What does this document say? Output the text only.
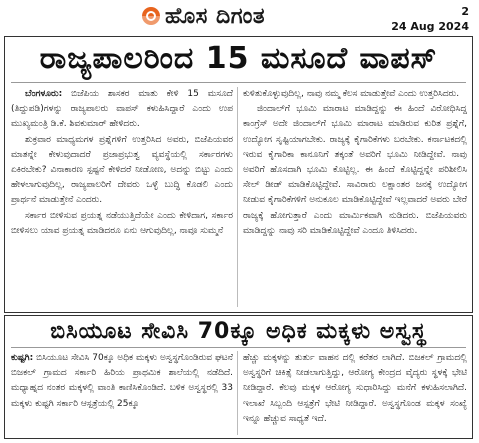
ಹೊಸ ದಿಗಂತ	2
24 Aug 2024
ರಾಜ್ಯಪಾಲರಿಂದ 15 ಮಸೂದೆ ವಾಪಸ್

ಬೆಂಗಳೂರು: ಬಿಜೆಪಿಯ ಶಾಸಕರ ಮಾತು ಕೇಳಿ 15 ಮಸೂದೆ (ತಿದ್ದುಪಡಿ)ಗಳನ್ನು ರಾಜ್ಯಪಾಲರು ವಾಪಸ್ ಕಳುಹಿಸಿದ್ದಾರೆ ಎಂದು ಉಪ ಮುಖ್ಯಮಂತ್ರಿ ಡಿ.ಕೆ. ಶಿವಕುಮಾರ್ ಹೇಳಿದರು.

ಶುಕ್ರವಾರ ಮಾಧ್ಯಮಗಳ ಪ್ರಶ್ನೆಗಳಿಗೆ ಉತ್ತರಿಸಿದ ಅವರು, ಬಿಜೆಪಿಯವರ ಮಾತನ್ನೇ ಕೇಳುವುದಾದರೆ ಪ್ರಜಾಪ್ರಭುತ್ವ ವ್ಯವಸ್ಥೆಯಲ್ಲಿ ಸರ್ಕಾರಗಳು ಏಕಿರಬೇಕು? ವಿನಾಕಾರಣ ಸ್ಪಷ್ಟನೆ ಕೇಳಿದರೆ ನೀಡೋಣ, ಅದನ್ನು ಬಿಟ್ಟು ಎಂದು ಹೇಳಲಾಗುವುದಿಲ್ಲ, ರಾಜ್ಯಪಾಲರಿಗೆ ದೇವರು ಒಳ್ಳೆ ಬುದ್ಧಿ ಕೊಡಲಿ ಎಂದು ಪ್ರಾರ್ಥನೆ ಮಾಡುತ್ತೇನೆ ಎಂದರು.

ಸರ್ಕಾರ ಬೀಳಿಸುವ ಪ್ರಯತ್ನ ನಡೆಯುತ್ತಿದೆಯೇ ಎಂದು ಕೇಳಿದಾಗ, ಸರ್ಕಾರ ಬೀಳಿಸಲು ಯಾವ ಪ್ರಯತ್ನ ಮಾಡಿದರೂ ಏನು ಆಗುವುದಿಲ್ಲ, ನಾವೂ ಸುಮ್ಮನೆ

ಕುಳಿತುಕೊಳ್ಳುವುದಿಲ್ಲ, ನಾವು ನಮ್ಮ ಕೆಲಸ ಮಾಡುತ್ತೇವೆ ಎಂದು ಉತ್ತರಿಸಿದರು.

ಜಿಂದಾಲ್‌ಗೆ ಭೂಮಿ ಮಾರಾಟ ಮಾಡಿದ್ದನ್ನು ಈ ಹಿಂದೆ ವಿರೋಧಿಸಿದ್ದ ಕಾಂಗ್ರೆಸ್ ಅದೇ ಜಿಂದಾಲ್‌ಗೆ ಭೂಮಿ ಮಾರಾಟ ಮಾಡಿರುವ ಕುರಿತ ಪ್ರಶ್ನೆಗೆ, ಉದ್ಯೋಗ ಸೃಷ್ಟಿಯಾಗಬೇಕು. ರಾಜ್ಯಕ್ಕೆ ಕೈಗಾರಿಕೆಗಳು ಬರಬೇಕು. ಕರ್ನಾಟಕದಲ್ಲಿ ಇರುವ ಕೈಗಾರಿಕಾ ಕಾನೂನಿಗೆ ತಕ್ಕಂತೆ ಅವರಿಗೆ ಭೂಮಿ ನೀಡಿದ್ದೇವೆ. ನಾವು ಅವರಿಗೆ ಹೊಸದಾಗಿ ಭೂಮಿ ಕೊಟ್ಟಿಲ್ಲ. ಈ ಹಿಂದೆ ಕೊಟ್ಟಿದ್ದನ್ನೇ ಪರಿಶೀಲಿಸಿ ಸೇಲ್ ಡೀಡ್ ಮಾಡಿಕೊಟ್ಟಿದ್ದೇವೆ. ಸಾವಿರಾರು ಲಕ್ಷಾಂತರ ಜನಕ್ಕೆ ಉದ್ಯೋಗ ನೀಡುವ ಕೈಗಾರಿಕೆಗಳಿಗೆ ಅನುಕೂಲ ಮಾಡಿಕೊಟ್ಟಿದ್ದೇವೆ ಇಲ್ಲವಾದರೆ ಅವರು ಬೇರೆ ರಾಜ್ಯಕ್ಕೆ ಹೋಗುತ್ತಾರೆ ಎಂದು ಮಾರ್ಮಿಕವಾಗಿ ನುಡಿದರು. ಬಿಜೆಪಿಯವರು ಮಾಡಿದ್ದನ್ನು ನಾವು ಸರಿ ಮಾಡಿಕೊಟ್ಟಿದ್ದೇವೆ ಎಂದೂ ತಿಳಿಸಿದರು.

ಬಿಸಿಯೂಟ ಸೇವಿಸಿ 70ಕ್ಕೂ ಅಧಿಕ ಮಕ್ಕಳು ಅಸ್ವಸ್ಥ

ಕುಷ್ಟಗಿ: ಬಿಸಿಯೂಟ ಸೇವಿಸಿ 70ಕ್ಕೂ ಅಧಿಕ ಮಕ್ಕಳು ಅಸ್ವಸ್ಥಗೊಂಡಿರುವ ಘಟನೆ ಬಿಜಕಲ್ ಗ್ರಾಮದ ಸರ್ಕಾರಿ ಹಿರಿಯ ಪ್ರಾಥಮಿಕ ಶಾಲೆಯಲ್ಲಿ ನಡೆದಿದೆ. ಮಧ್ಯಾಹ್ನದ ನಂತರ ಮಕ್ಕಳಲ್ಲಿ ವಾಂತಿ ಕಾಣಿಸಿಕೊಂಡಿದೆ. ಬಳಿಕ ಅಸ್ವಸ್ಥರಲ್ಲಿ 33 ಮಕ್ಕಳು ಕುಷ್ಟಗಿ ಸರ್ಕಾರಿ ಆಸ್ಪತ್ರೆಯಲ್ಲಿ 25ಕ್ಕೂ

ಹೆಚ್ಚು ಮಕ್ಕಳನ್ನು ತುರ್ತು ವಾಹನ ದಲ್ಲಿ ಕರೆತರ ಲಾಗಿದೆ. ಬಿಜಕಲ್ ಗ್ರಾಮದಲ್ಲಿ ಅಸ್ವಸ್ಥರಿಗೆ ಚಿಕಿತ್ಸೆ ನೀಡಲಾಗುತ್ತಿದ್ದು, ಆರೋಗ್ಯ ಕೇಂದ್ರದ ವೈದ್ಯರು ಸ್ಥಳಕ್ಕೆ ಭೇಟಿ ನೀಡಿದ್ದಾರೆ. ಕೆಲವು ಮಕ್ಕಳ ಆರೋಗ್ಯ ಸುಧಾರಿಸಿದ್ದು ಮನೆಗೆ ಕಳುಹಿಸಲಾಗಿದೆ. ಇಲಾಖೆ ಸಿಬ್ಬಂದಿ ಆಸ್ಪತ್ರೆಗೆ ಭೇಟಿ ನೀಡಿದ್ದಾರೆ. ಅಸ್ವಸ್ಥಗೊಂಡ ಮಕ್ಕಳ ಸಂಖ್ಯೆ ಇನ್ನೂ ಹೆಚ್ಚುವ ಸಾಧ್ಯತೆ ಇದೆ.
